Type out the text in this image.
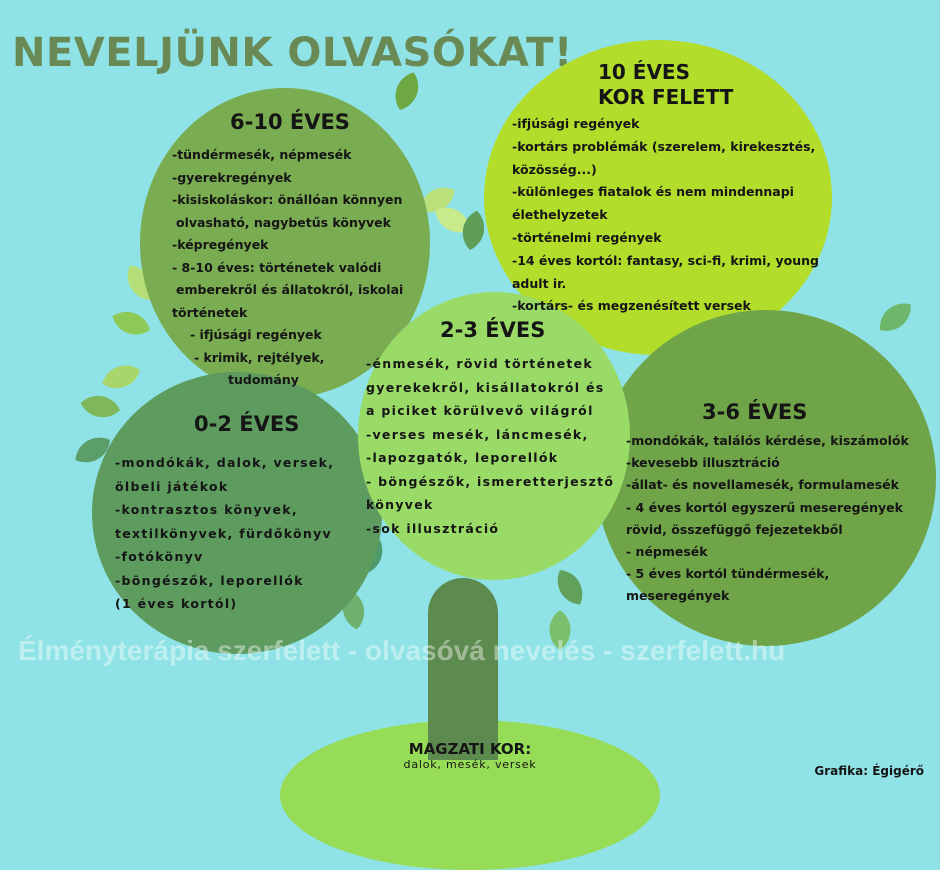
NEVELJÜNK OLVASÓKAT!
6-10 ÉVES
-tündérmesék, népmesék
-gyerekregények
-kisiskoláskor: önállóan könnyen
olvasható, nagybetűs könyvek
-képregények
- 8-10 éves: történetek valódi
emberekről és állatokról, iskolai
történetek
- ifjúsági regények
- krimik, rejtélyek,
tudomány
10 ÉVES
KOR FELETT
-ifjúsági regények
-kortárs problémák (szerelem, kirekesztés,
közösség...)
-különleges fiatalok és nem mindennapi
élethelyzetek
-történelmi regények
-14 éves kortól: fantasy, sci-fi, krimi, young
adult ir.
-kortárs- és megzenésített versek
2-3 ÉVES
-énmesék, rövid történetek
gyerekekről, kisállatokról és
a piciket körülvevő világról
-verses mesék, láncmesék,
-lapozgatók, leporellók
- böngészők, ismeretterjesztő
könyvek
-sok illusztráció
3-6 ÉVES
-mondókák, találós kérdése, kiszámolók
-kevesebb illusztráció
-állat- és novellamesék, formulamesék
- 4 éves kortól egyszerű meseregények
rövid, összefüggő fejezetekből
- népmesék
- 5 éves kortól tündérmesék,
meseregények
0-2 ÉVES
-mondókák, dalok, versek,
ölbeli játékok
-kontrasztos könyvek,
textilkönyvek, fürdőkönyv
-fotókönyv
-böngészők, leporellók
(1 éves kortól)

Élményterápia szerfelett - olvasóvá nevelés - szerfelett.hu

MAGZATI KOR:
dalok, mesék, versek	Grafika: Égigérő
